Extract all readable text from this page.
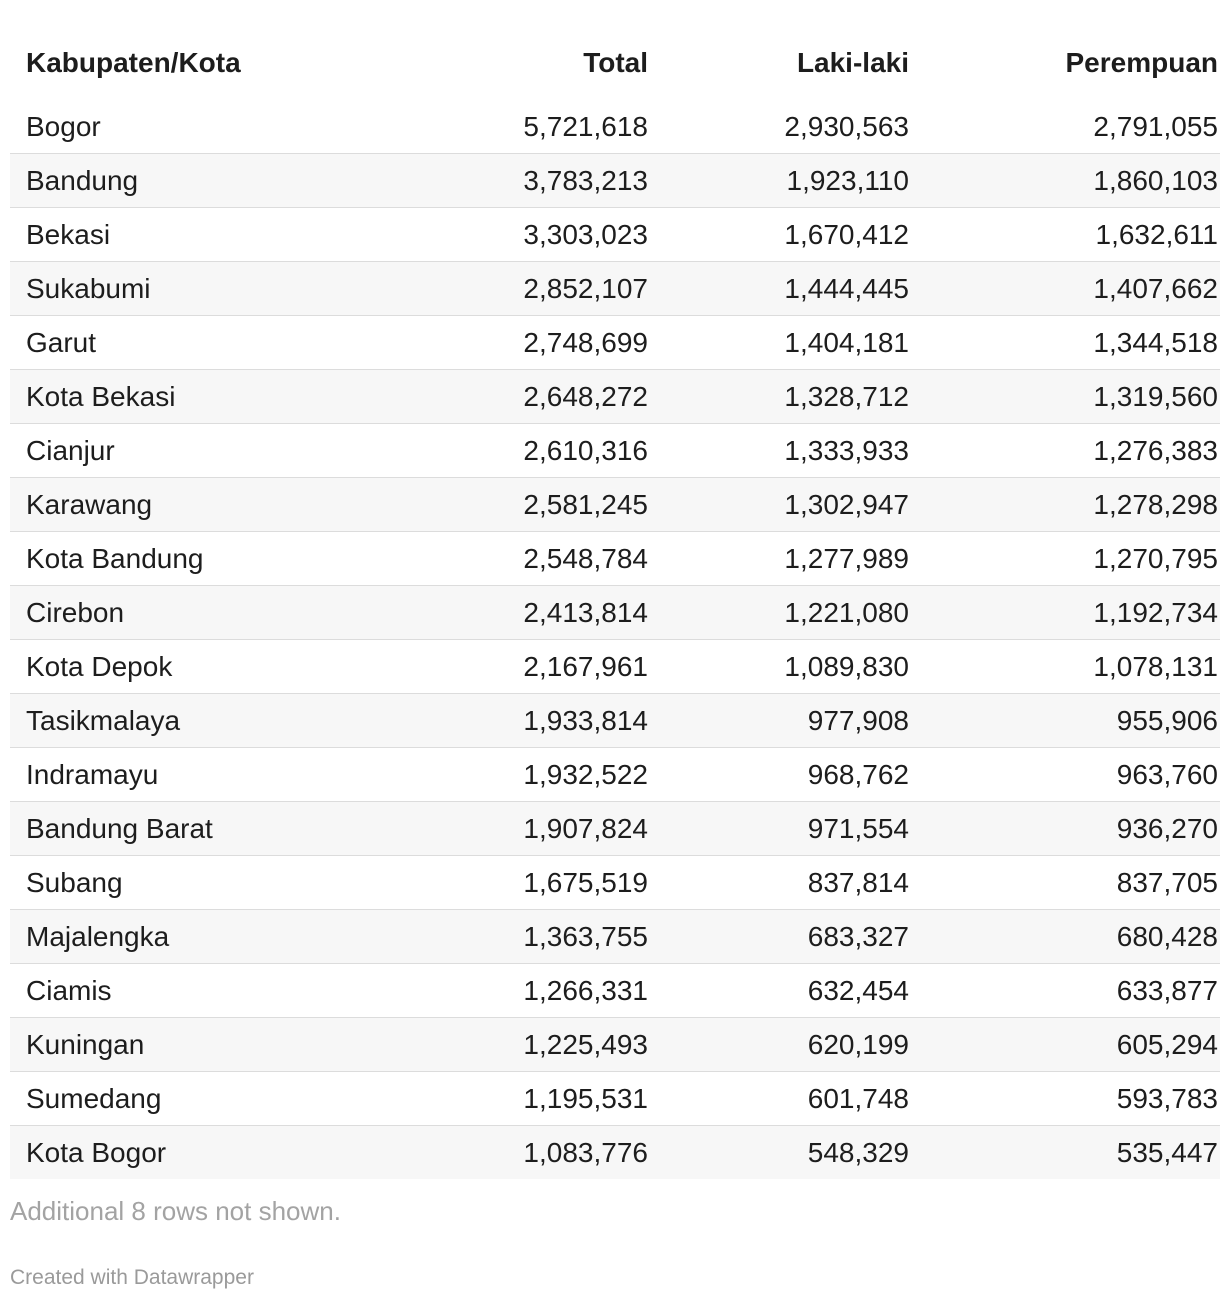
Kabupaten/Kota	Total	Laki-laki	Perempuan
Bogor	5,721,618	2,930,563	2,791,055
Bandung	3,783,213	1,923,110	1,860,103
Bekasi	3,303,023	1,670,412	1,632,611
Sukabumi	2,852,107	1,444,445	1,407,662
Garut	2,748,699	1,404,181	1,344,518
Kota Bekasi	2,648,272	1,328,712	1,319,560
Cianjur	2,610,316	1,333,933	1,276,383
Karawang	2,581,245	1,302,947	1,278,298
Kota Bandung	2,548,784	1,277,989	1,270,795
Cirebon	2,413,814	1,221,080	1,192,734
Kota Depok	2,167,961	1,089,830	1,078,131
Tasikmalaya	1,933,814	977,908	955,906
Indramayu	1,932,522	968,762	963,760
Bandung Barat	1,907,824	971,554	936,270
Subang	1,675,519	837,814	837,705
Majalengka	1,363,755	683,327	680,428
Ciamis	1,266,331	632,454	633,877
Kuningan	1,225,493	620,199	605,294
Sumedang	1,195,531	601,748	593,783
Kota Bogor	1,083,776	548,329	535,447
Additional 8 rows not shown.
Created with Datawrapper
